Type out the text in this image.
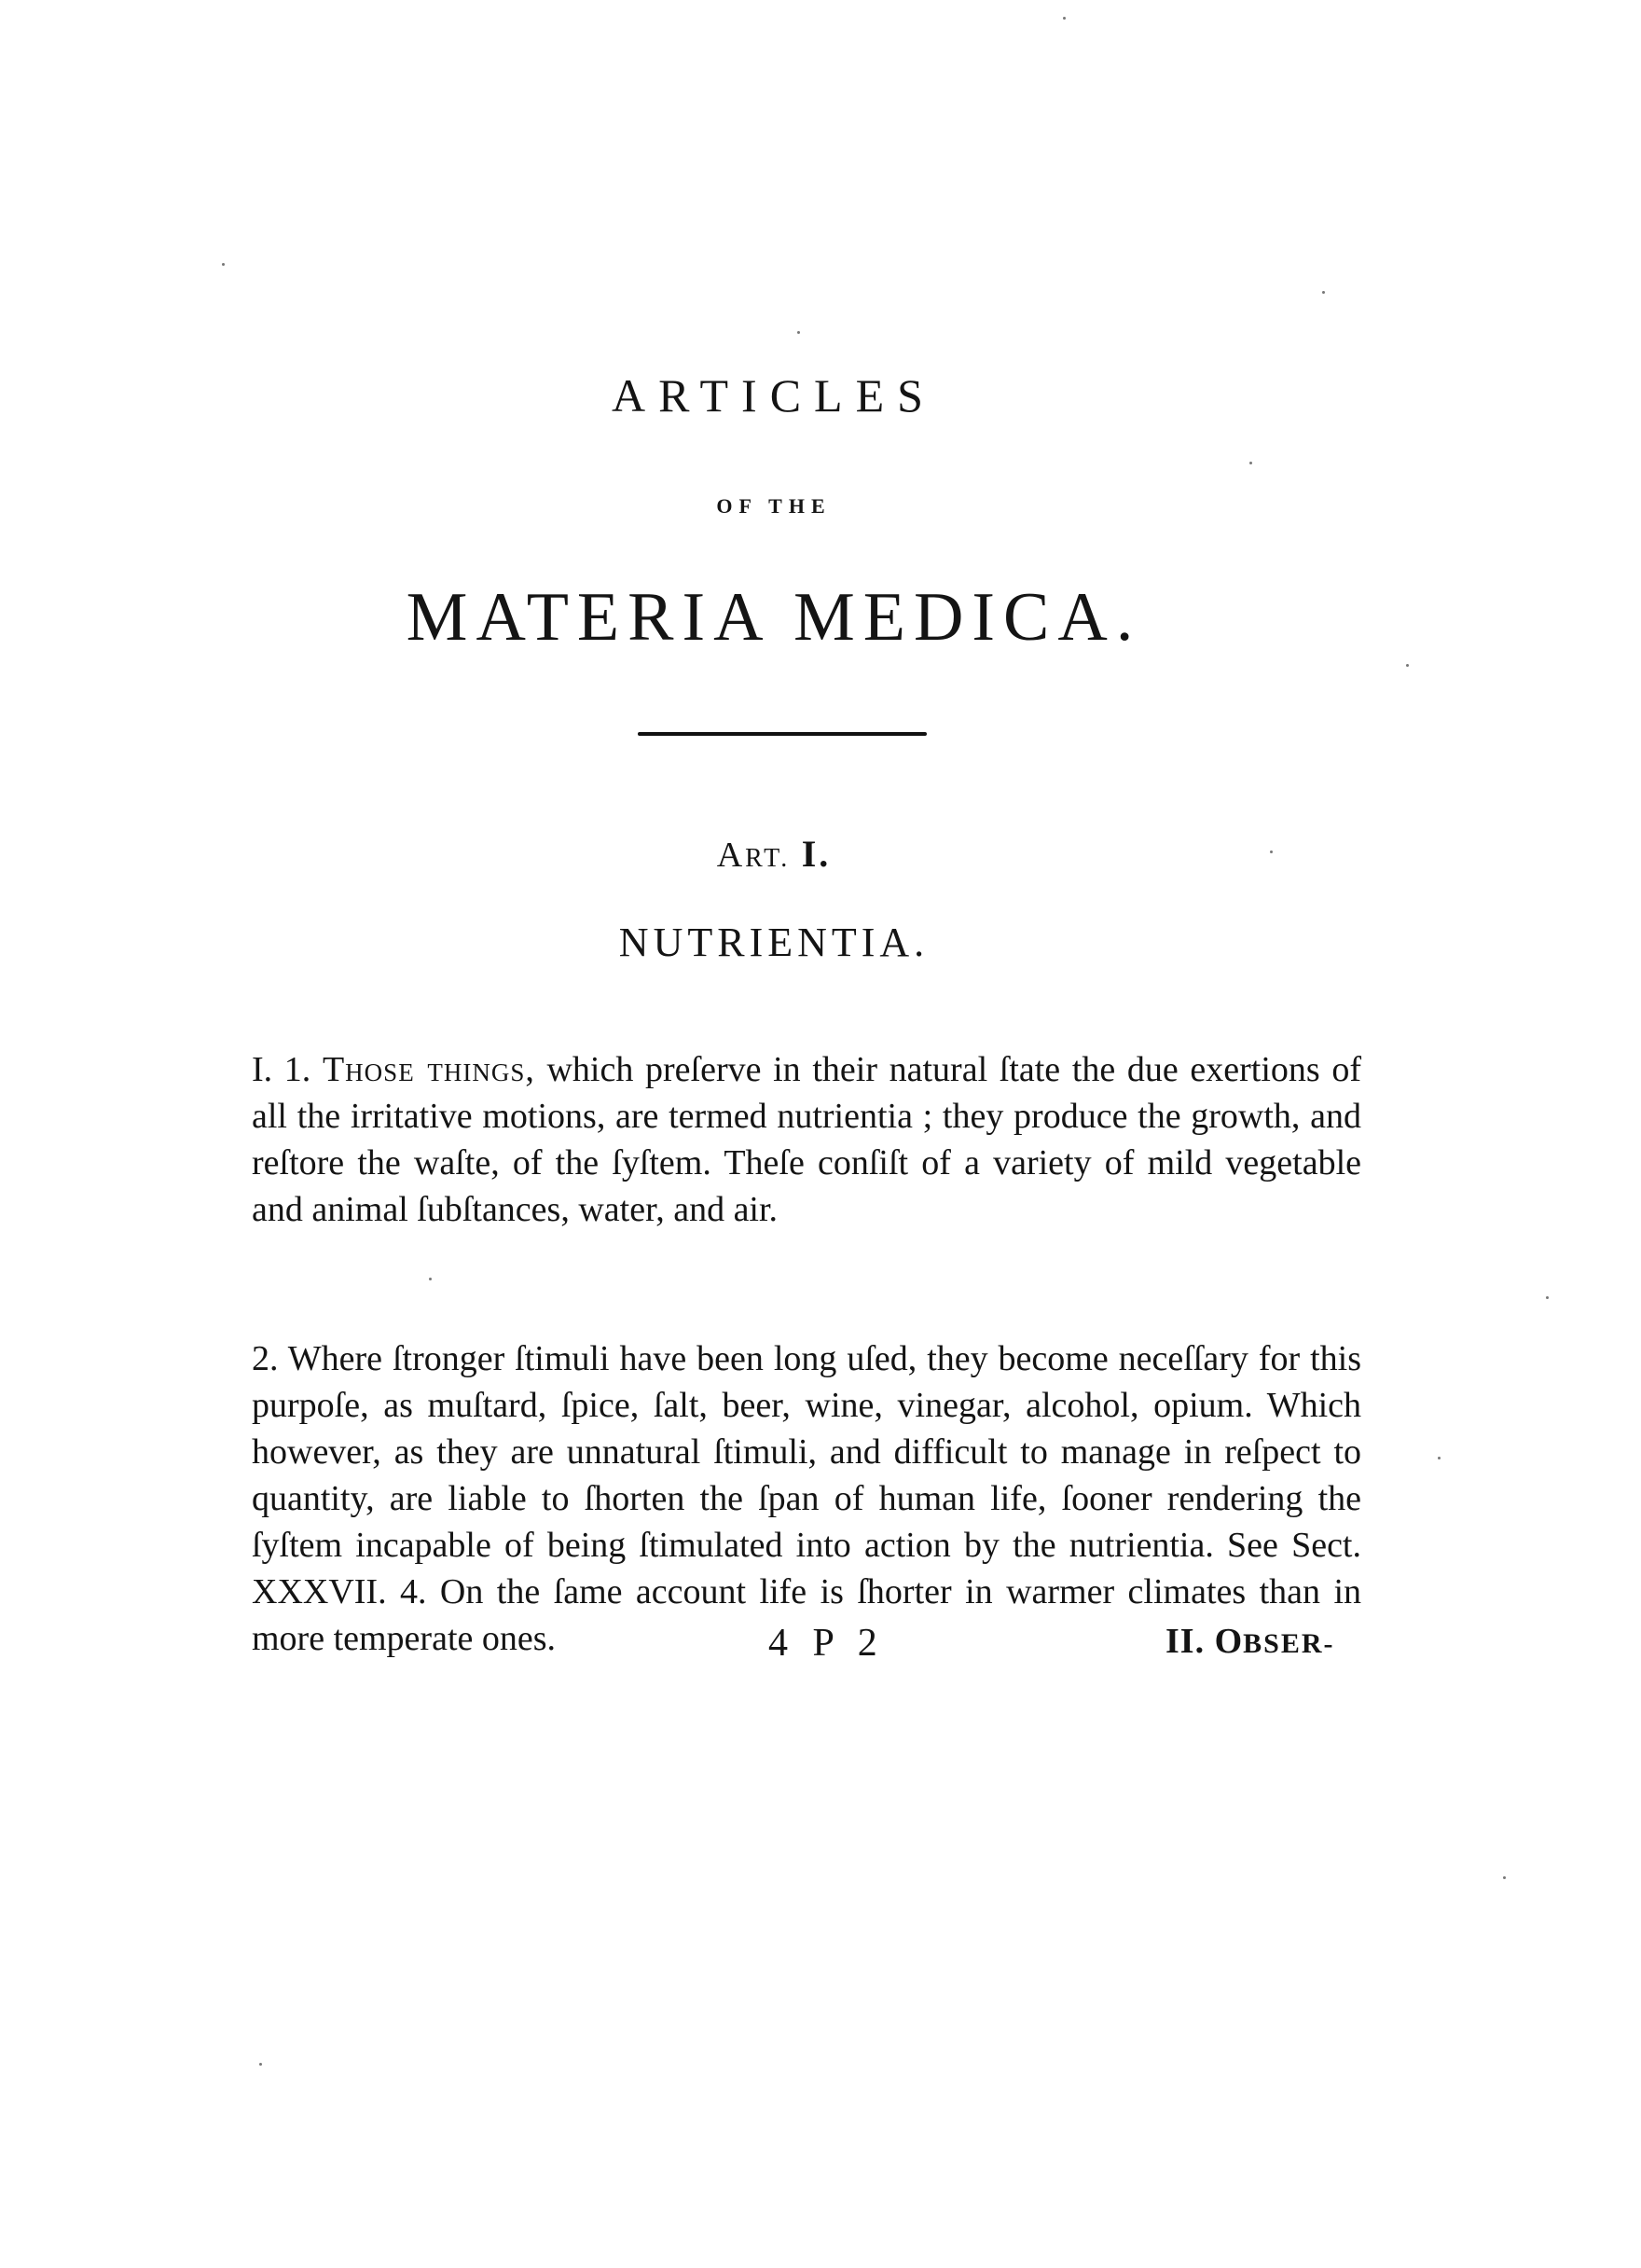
ARTICLES
OF THE
MATERIA MEDICA.
ART. I.
NUTRIENTIA.

I. 1. Those things, which preſerve in their natural ſtate the due exertions of all the irritative motions, are termed nutrientia ; they produce the growth, and reſtore the waſte, of the ſyſtem. Theſe conſiſt of a variety of mild vegetable and animal ſubſtances, water, and air.

2. Where ſtronger ſtimuli have been long uſed, they become neceſſary for this purpoſe, as muſtard, ſpice, ſalt, beer, wine, vinegar, alcohol, opium. Which however, as they are unnatural ſtimuli, and difficult to manage in reſpect to quantity, are liable to ſhorten the ſpan of human life, ſooner rendering the ſyſtem incapable of being ſtimulated into action by the nutrientia. See Sect. XXXVII. 4. On the ſame account life is ſhorter in warmer climates than in more temperate ones.	4 P 2	II. OBSER-
